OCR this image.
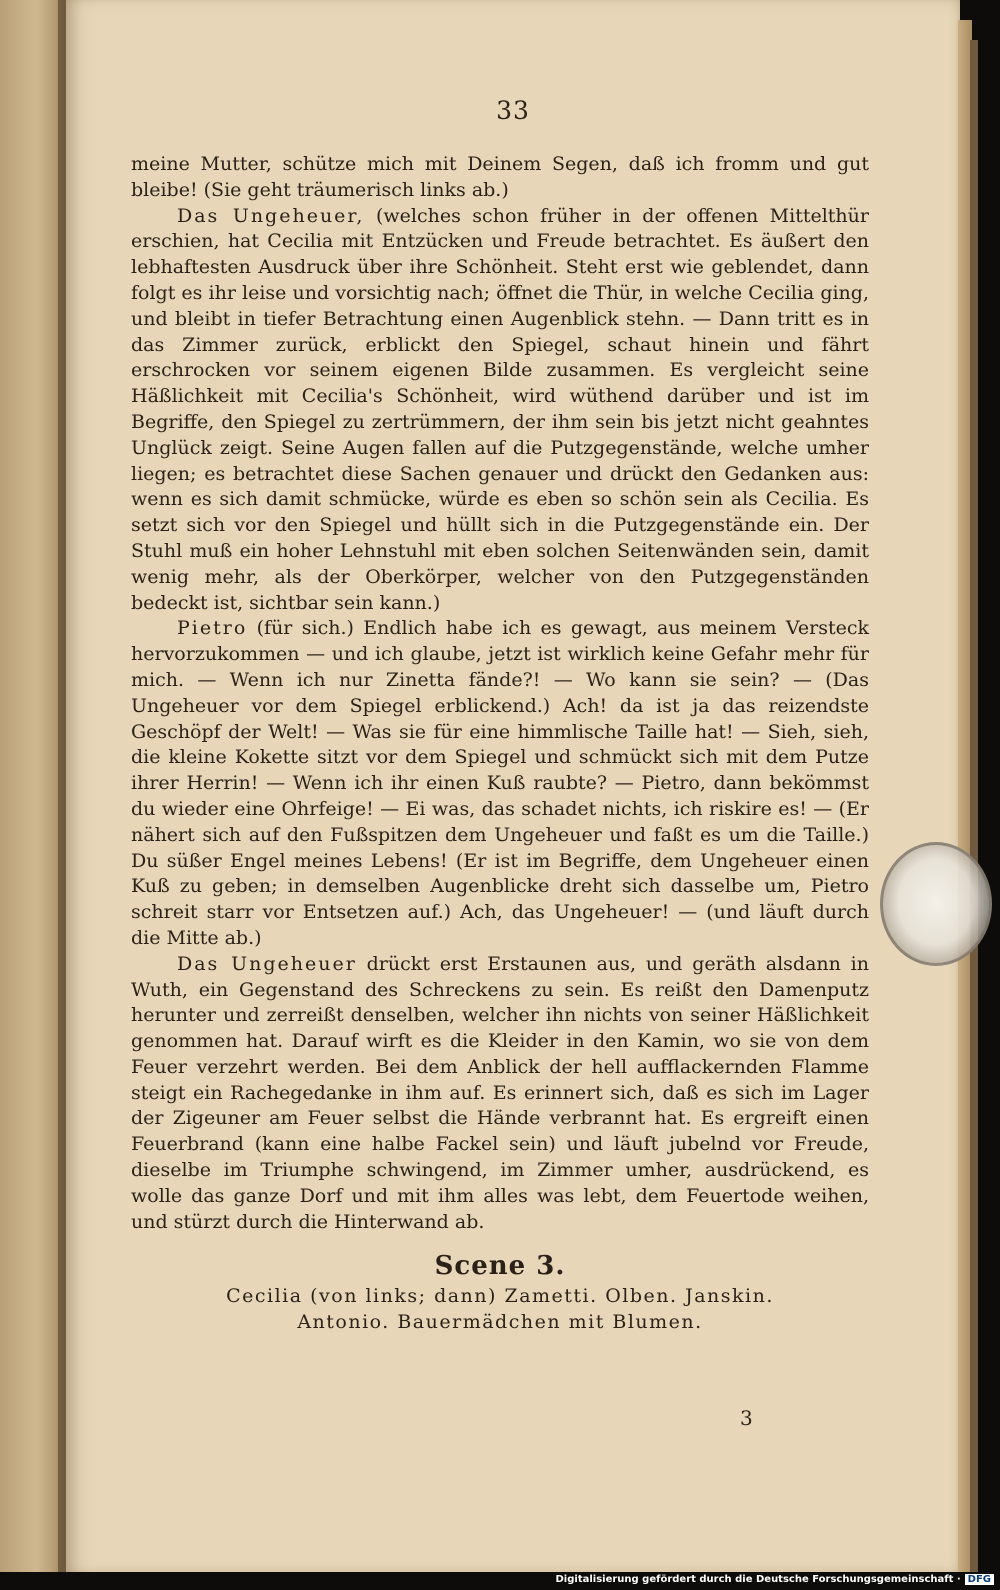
33

meine Mutter, schütze mich mit Deinem Segen, daß ich fromm und gut bleibe! (Sie geht träumerisch links ab.)

Das Ungeheuer, (welches schon früher in der offenen Mittelthür erschien, hat Cecilia mit Entzücken und Freude betrachtet. Es äußert den lebhaftesten Ausdruck über ihre Schönheit. Steht erst wie geblendet, dann folgt es ihr leise und vorsichtig nach; öffnet die Thür, in welche Cecilia ging, und bleibt in tiefer Betrachtung einen Augenblick stehn. — Dann tritt es in das Zimmer zurück, erblickt den Spiegel, schaut hinein und fährt erschrocken vor seinem eigenen Bilde zusammen. Es vergleicht seine Häßlichkeit mit Cecilia's Schönheit, wird wüthend darüber und ist im Begriffe, den Spiegel zu zertrümmern, der ihm sein bis jetzt nicht geahntes Unglück zeigt. Seine Augen fallen auf die Putzgegenstände, welche umher liegen; es betrachtet diese Sachen genauer und drückt den Gedanken aus: wenn es sich damit schmücke, würde es eben so schön sein als Cecilia. Es setzt sich vor den Spiegel und hüllt sich in die Putzgegenstände ein. Der Stuhl muß ein hoher Lehnstuhl mit eben solchen Seitenwänden sein, damit wenig mehr, als der Oberkörper, welcher von den Putzgegenständen bedeckt ist, sichtbar sein kann.)

Pietro (für sich.) Endlich habe ich es gewagt, aus meinem Versteck hervorzukommen — und ich glaube, jetzt ist wirklich keine Gefahr mehr für mich. — Wenn ich nur Zinetta fände?! — Wo kann sie sein? — (Das Ungeheuer vor dem Spiegel erblickend.) Ach! da ist ja das reizendste Geschöpf der Welt! — Was sie für eine himmlische Taille hat! — Sieh, sieh, die kleine Kokette sitzt vor dem Spiegel und schmückt sich mit dem Putze ihrer Herrin! — Wenn ich ihr einen Kuß raubte? — Pietro, dann bekömmst du wieder eine Ohrfeige! — Ei was, das schadet nichts, ich riskire es! — (Er nähert sich auf den Fußspitzen dem Ungeheuer und faßt es um die Taille.) Du süßer Engel meines Lebens! (Er ist im Begriffe, dem Ungeheuer einen Kuß zu geben; in demselben Augenblicke dreht sich dasselbe um, Pietro schreit starr vor Entsetzen auf.) Ach, das Ungeheuer! — (und läuft durch die Mitte ab.)

Das Ungeheuer drückt erst Erstaunen aus, und geräth alsdann in Wuth, ein Gegenstand des Schreckens zu sein. Es reißt den Damenputz herunter und zerreißt denselben, welcher ihn nichts von seiner Häßlichkeit genommen hat. Darauf wirft es die Kleider in den Kamin, wo sie von dem Feuer verzehrt werden. Bei dem Anblick der hell aufflackernden Flamme steigt ein Rachegedanke in ihm auf. Es erinnert sich, daß es sich im Lager der Zigeuner am Feuer selbst die Hände verbrannt hat. Es ergreift einen Feuerbrand (kann eine halbe Fackel sein) und läuft jubelnd vor Freude, dieselbe im Triumphe schwingend, im Zimmer umher, ausdrückend, es wolle das ganze Dorf und mit ihm alles was lebt, dem Feuertode weihen, und stürzt durch die Hinterwand ab.

Scene 3.
Cecilia (von links; dann) Zametti. Olben. Janskin.
Antonio. Bauermädchen mit Blumen.
3
Digitalisierung gefördert durch die Deutsche Forschungsgemeinschaft · DFG
